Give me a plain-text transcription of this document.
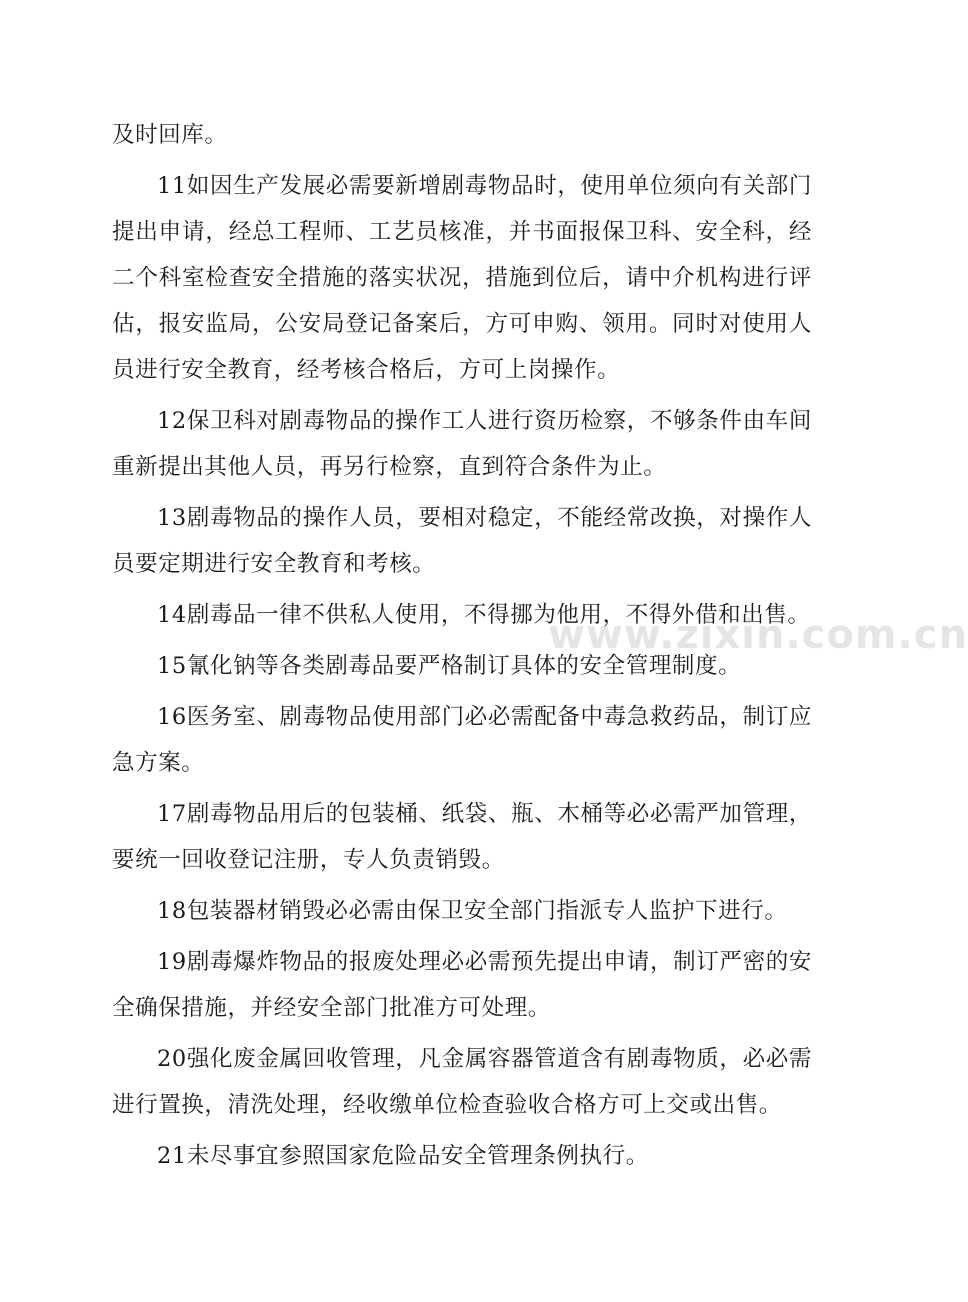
及时回库。

11如因生产发展必需要新增剧毒物品时，使用单位须向有关部门提出申请，经总工程师、工艺员核准，并书面报保卫科、安全科，经二个科室检查安全措施的落实状况，措施到位后，请中介机构进行评估，报安监局，公安局登记备案后，方可申购、领用。同时对使用人员进行安全教育，经考核合格后，方可上岗操作。

12保卫科对剧毒物品的操作工人进行资历检察，不够条件由车间重新提出其他人员，再另行检察，直到符合条件为止。

13剧毒物品的操作人员，要相对稳定，不能经常改换，对操作人员要定期进行安全教育和考核。

14剧毒品一律不供私人使用，不得挪为他用，不得外借和出售。

15氰化钠等各类剧毒品要严格制订具体的安全管理制度。

16医务室、剧毒物品使用部门必必需配备中毒急救药品，制订应急方案。

17剧毒物品用后的包装桶、纸袋、瓶、木桶等必必需严加管理，要统一回收登记注册，专人负责销毁。

18包装器材销毁必必需由保卫安全部门指派专人监护下进行。

19剧毒爆炸物品的报废处理必必需预先提出申请，制订严密的安全确保措施，并经安全部门批准方可处理。

20强化废金属回收管理，凡金属容器管道含有剧毒物质，必必需进行置换，清洗处理，经收缴单位检查验收合格方可上交或出售。

21未尽事宜参照国家危险品安全管理条例执行。

www.zixin.com.cn
